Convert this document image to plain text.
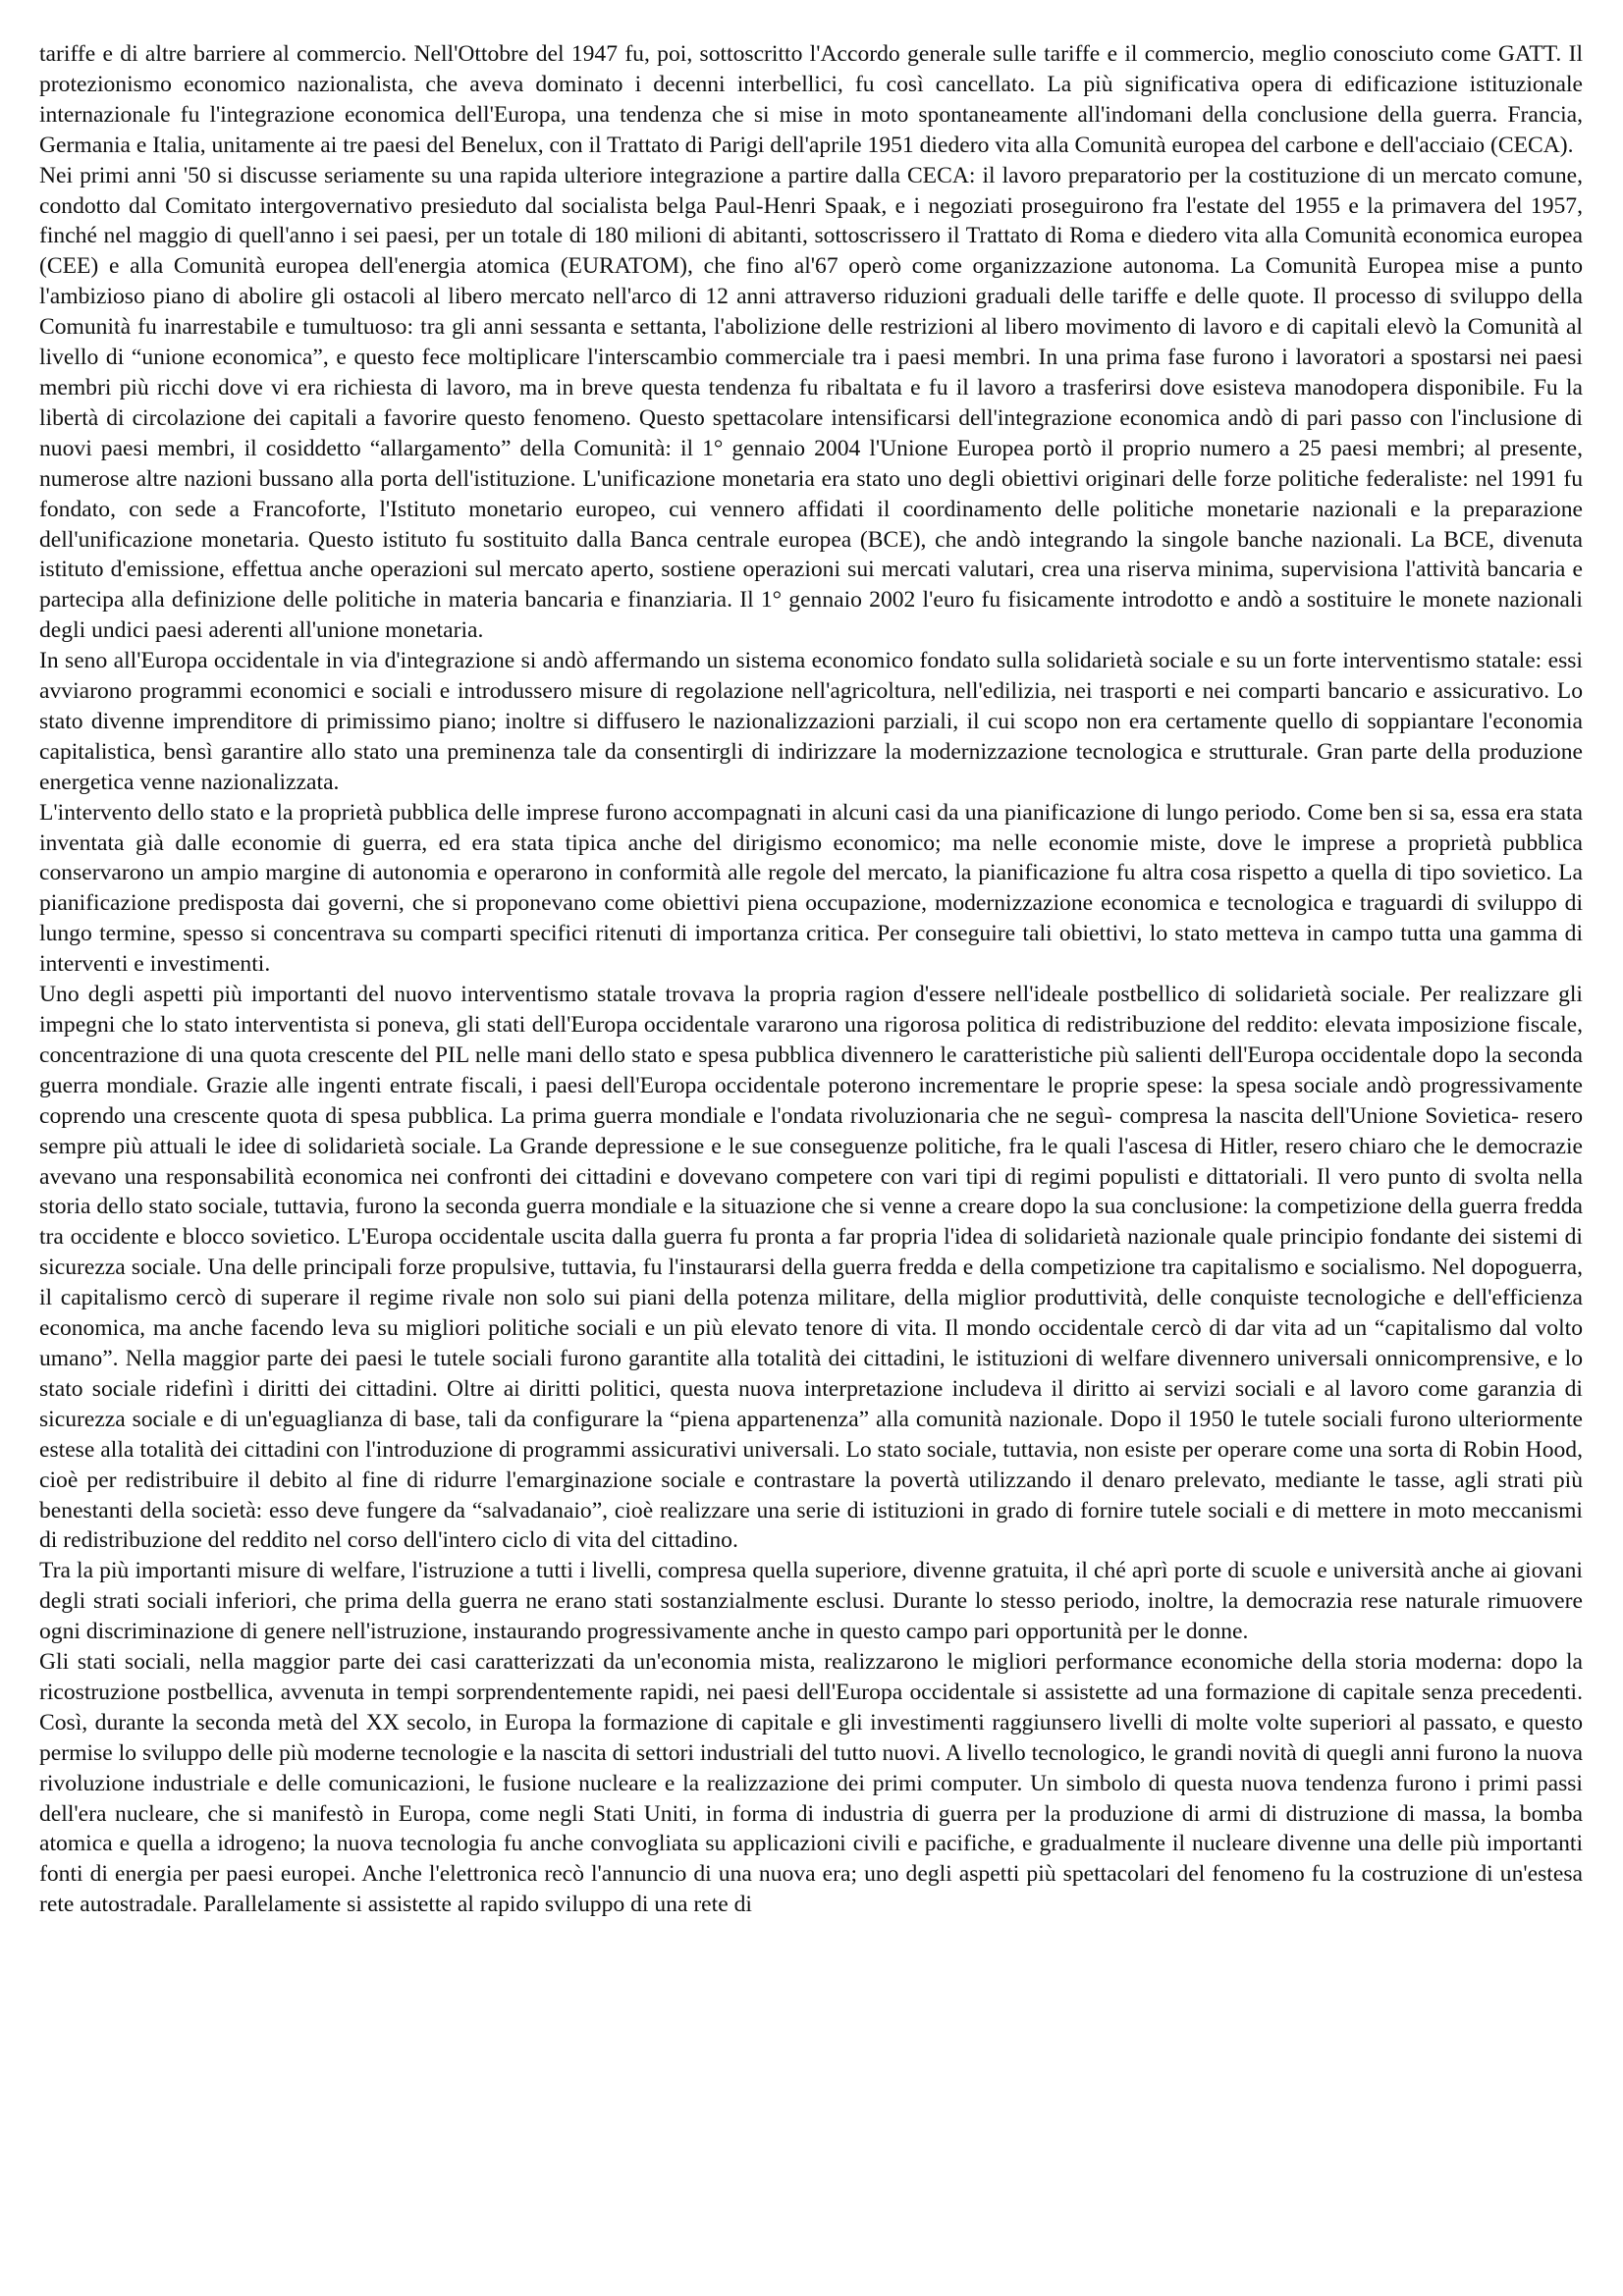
tariffe e di altre barriere al commercio. Nell'Ottobre del 1947 fu, poi, sottoscritto l'Accordo generale sulle tariffe e il commercio, meglio conosciuto come GATT. Il protezionismo economico nazionalista, che aveva dominato i decenni interbellici, fu così cancellato. La più significativa opera di edificazione istituzionale internazionale fu l'integrazione economica dell'Europa, una tendenza che si mise in moto spontaneamente all'indomani della conclusione della guerra. Francia, Germania e Italia, unitamente ai tre paesi del Benelux, con il Trattato di Parigi dell'aprile 1951 diedero vita alla Comunità europea del carbone e dell'acciaio (CECA).

Nei primi anni '50 si discusse seriamente su una rapida ulteriore integrazione a partire dalla CECA: il lavoro preparatorio per la costituzione di un mercato comune, condotto dal Comitato intergovernativo presieduto dal socialista belga Paul-Henri Spaak, e i negoziati proseguirono fra l'estate del 1955 e la primavera del 1957, finché nel maggio di quell'anno i sei paesi, per un totale di 180 milioni di abitanti, sottoscrissero il Trattato di Roma e diedero vita alla Comunità economica europea (CEE) e alla Comunità europea dell'energia atomica (EURATOM), che fino al'67 operò come organizzazione autonoma. La Comunità Europea mise a punto l'ambizioso piano di abolire gli ostacoli al libero mercato nell'arco di 12 anni attraverso riduzioni graduali delle tariffe e delle quote. Il processo di sviluppo della Comunità fu inarrestabile e tumultuoso: tra gli anni sessanta e settanta, l'abolizione delle restrizioni al libero movimento di lavoro e di capitali elevò la Comunità al livello di “unione economica”, e questo fece moltiplicare l'interscambio commerciale tra i paesi membri. In una prima fase furono i lavoratori a spostarsi nei paesi membri più ricchi dove vi era richiesta di lavoro, ma in breve questa tendenza fu ribaltata e fu il lavoro a trasferirsi dove esisteva manodopera disponibile. Fu la libertà di circolazione dei capitali a favorire questo fenomeno. Questo spettacolare intensificarsi dell'integrazione economica andò di pari passo con l'inclusione di nuovi paesi membri, il cosiddetto “allargamento” della Comunità: il 1° gennaio 2004 l'Unione Europea portò il proprio numero a 25 paesi membri; al presente, numerose altre nazioni bussano alla porta dell'istituzione. L'unificazione monetaria era stato uno degli obiettivi originari delle forze politiche federaliste: nel 1991 fu fondato, con sede a Francoforte, l'Istituto monetario europeo, cui vennero affidati il coordinamento delle politiche monetarie nazionali e la preparazione dell'unificazione monetaria. Questo istituto fu sostituito dalla Banca centrale europea (BCE), che andò integrando la singole banche nazionali. La BCE, divenuta istituto d'emissione, effettua anche operazioni sul mercato aperto, sostiene operazioni sui mercati valutari, crea una riserva minima, supervisiona l'attività bancaria e partecipa alla definizione delle politiche in materia bancaria e finanziaria. Il 1° gennaio 2002 l'euro fu fisicamente introdotto e andò a sostituire le monete nazionali degli undici paesi aderenti all'unione monetaria.

In seno all'Europa occidentale in via d'integrazione si andò affermando un sistema economico fondato sulla solidarietà sociale e su un forte interventismo statale: essi avviarono programmi economici e sociali e introdussero misure di regolazione nell'agricoltura, nell'edilizia, nei trasporti e nei comparti bancario e assicurativo. Lo stato divenne imprenditore di primissimo piano; inoltre si diffusero le nazionalizzazioni parziali, il cui scopo non era certamente quello di soppiantare l'economia capitalistica, bensì garantire allo stato una preminenza tale da consentirgli di indirizzare la modernizzazione tecnologica e strutturale. Gran parte della produzione energetica venne nazionalizzata.

L'intervento dello stato e la proprietà pubblica delle imprese furono accompagnati in alcuni casi da una pianificazione di lungo periodo. Come ben si sa, essa era stata inventata già dalle economie di guerra, ed era stata tipica anche del dirigismo economico; ma nelle economie miste, dove le imprese a proprietà pubblica conservarono un ampio margine di autonomia e operarono in conformità alle regole del mercato, la pianificazione fu altra cosa rispetto a quella di tipo sovietico. La pianificazione predisposta dai governi, che si proponevano come obiettivi piena occupazione, modernizzazione economica e tecnologica e traguardi di sviluppo di lungo termine, spesso si concentrava su comparti specifici ritenuti di importanza critica. Per conseguire tali obiettivi, lo stato metteva in campo tutta una gamma di interventi e investimenti.

Uno degli aspetti più importanti del nuovo interventismo statale trovava la propria ragion d'essere nell'ideale postbellico di solidarietà sociale. Per realizzare gli impegni che lo stato interventista si poneva, gli stati dell'Europa occidentale vararono una rigorosa politica di redistribuzione del reddito: elevata imposizione fiscale, concentrazione di una quota crescente del PIL nelle mani dello stato e spesa pubblica divennero le caratteristiche più salienti dell'Europa occidentale dopo la seconda guerra mondiale. Grazie alle ingenti entrate fiscali, i paesi dell'Europa occidentale poterono incrementare le proprie spese: la spesa sociale andò progressivamente coprendo una crescente quota di spesa pubblica. La prima guerra mondiale e l'ondata rivoluzionaria che ne seguì- compresa la nascita dell'Unione Sovietica- resero sempre più attuali le idee di solidarietà sociale. La Grande depressione e le sue conseguenze politiche, fra le quali l'ascesa di Hitler, resero chiaro che le democrazie avevano una responsabilità economica nei confronti dei cittadini e dovevano competere con vari tipi di regimi populisti e dittatoriali. Il vero punto di svolta nella storia dello stato sociale, tuttavia, furono la seconda guerra mondiale e la situazione che si venne a creare dopo la sua conclusione: la competizione della guerra fredda tra occidente e blocco sovietico. L'Europa occidentale uscita dalla guerra fu pronta a far propria l'idea di solidarietà nazionale quale principio fondante dei sistemi di sicurezza sociale. Una delle principali forze propulsive, tuttavia, fu l'instaurarsi della guerra fredda e della competizione tra capitalismo e socialismo. Nel dopoguerra, il capitalismo cercò di superare il regime rivale non solo sui piani della potenza militare, della miglior produttività, delle conquiste tecnologiche e dell'efficienza economica, ma anche facendo leva su migliori politiche sociali e un più elevato tenore di vita. Il mondo occidentale cercò di dar vita ad un “capitalismo dal volto umano”. Nella maggior parte dei paesi le tutele sociali furono garantite alla totalità dei cittadini, le istituzioni di welfare divennero universali onnicomprensive, e lo stato sociale ridefinì i diritti dei cittadini. Oltre ai diritti politici, questa nuova interpretazione includeva il diritto ai servizi sociali e al lavoro come garanzia di sicurezza sociale e di un'eguaglianza di base, tali da configurare la “piena appartenenza” alla comunità nazionale. Dopo il 1950 le tutele sociali furono ulteriormente estese alla totalità dei cittadini con l'introduzione di programmi assicurativi universali. Lo stato sociale, tuttavia, non esiste per operare come una sorta di Robin Hood, cioè per redistribuire il debito al fine di ridurre l'emarginazione sociale e contrastare la povertà utilizzando il denaro prelevato, mediante le tasse, agli strati più benestanti della società: esso deve fungere da “salvadanaio”, cioè realizzare una serie di istituzioni in grado di fornire tutele sociali e di mettere in moto meccanismi di redistribuzione del reddito nel corso dell'intero ciclo di vita del cittadino.

Tra la più importanti misure di welfare, l'istruzione a tutti i livelli, compresa quella superiore, divenne gratuita, il ché aprì porte di scuole e università anche ai giovani degli strati sociali inferiori, che prima della guerra ne erano stati sostanzialmente esclusi. Durante lo stesso periodo, inoltre, la democrazia rese naturale rimuovere ogni discriminazione di genere nell'istruzione, instaurando progressivamente anche in questo campo pari opportunità per le donne.

Gli stati sociali, nella maggior parte dei casi caratterizzati da un'economia mista, realizzarono le migliori performance economiche della storia moderna: dopo la ricostruzione postbellica, avvenuta in tempi sorprendentemente rapidi, nei paesi dell'Europa occidentale si assistette ad una formazione di capitale senza precedenti. Così, durante la seconda metà del XX secolo, in Europa la formazione di capitale e gli investimenti raggiunsero livelli di molte volte superiori al passato, e questo permise lo sviluppo delle più moderne tecnologie e la nascita di settori industriali del tutto nuovi. A livello tecnologico, le grandi novità di quegli anni furono la nuova rivoluzione industriale e delle comunicazioni, le fusione nucleare e la realizzazione dei primi computer. Un simbolo di questa nuova tendenza furono i primi passi dell'era nucleare, che si manifestò in Europa, come negli Stati Uniti, in forma di industria di guerra per la produzione di armi di distruzione di massa, la bomba atomica e quella a idrogeno; la nuova tecnologia fu anche convogliata su applicazioni civili e pacifiche, e gradualmente il nucleare divenne una delle più importanti fonti di energia per paesi europei. Anche l'elettronica recò l'annuncio di una nuova era; uno degli aspetti più spettacolari del fenomeno fu la costruzione di un'estesa rete autostradale. Parallelamente si assistette al rapido sviluppo di una rete di
